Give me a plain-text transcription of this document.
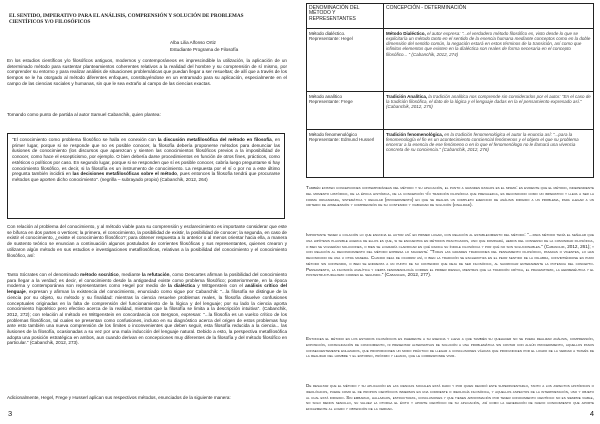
EL SENTIDO, IMPERATIVO PARA EL ANÁLISIS, COMPRENSIÓN Y SOLUCIÓN DE PROBLEMAS CIENTÍFICOS Y/O FILOSÓFICOS
Alba Lilia Alfonso Ortiz
Estudiante Programa de Filosofía

En los estudios científicos y/o filosóficos antiguos, modernos y contemporáneos es imprescindible la utilización, la aplicación de un determinado método para sustentar planteamientos coherentes relativos a la realidad del hombre y su comprensión de sí mismo, por comprender su entorno y para realizar análisis de situaciones problemáticas que puedan llegar a ser resueltas; de allí que a través de los tiempos se le ha otorgado al método diferentes enfoques, constituyéndose en un entramado para su aplicación, especialmente en el campo de las ciencias sociales y humanas, sin que le sea extraño al campo de las ciencias exactas.

Tomando como punto de partida al autor Samuel Cabanchik, quien plantea:

"El conocimiento como problema filosófico se halla en conexión con la discusión metafilosófica del método en filosofía, en primer lugar, porque si se responde que no es posible conocer, la filosofía debería proponerse métodos para denunciar las ilusiones de conocimiento (los discursos que aparezcan y sienten las conocimientos filosóficos previos a la imposibilidad de conocer, como hace el escepticismo, por ejemplo. O bien debería darse procedimientos en función de otros fines, prácticos, como estéticos o políticos por caso. En segundo lugar, porque si se responden que sí es posible conocer, cabría luego preguntarse si hay conocimiento filosófico, es decir, si la filosofía es un instrumento de conocimiento. La respuesta por el sí o por no a este último pregunta también incidirá en las decisiones metafilosóficas sobre el método, pues entonces la filosofía tendrá que procurarse métodos que aporten dicho conocimiento". (negrilla – subrayado propio) (Cabanchik, 2012, 264)

Con relación al problema del conocimiento, y al método viable para su comprensión y esclarecimiento es importante considerar que este se bifurca en dos partes o vertices; la primera, el conocimiento, la posibilidad de existir, la posibilidad de conocer; la segunda, en caso de existir el conocimiento, ¿existe el conocimiento filosófico?; para obtener respuesta a lo anterior o al menos orientar hacia ella, a manera de sustento teórico se enuncian a continuación algunos postulados de corrientes filosóficas y sus representantes, quienes crearon y utilizaron algún método en sus estudios e investigaciones metafilosóficas, relativas a la posibilidad del conocimiento y el conocimiento filosófico, así:

Tanto Sócrates con el denominado método socrático, mediante la refutación, como Descartes afirman la posibilidad del conocimiento para llegar a la verdad; es decir, el conocimiento desde la antigüedad existe como problema filosófico; posteriormente, en la época moderna y contemporánea son representantes como Hegel por medio de la dialéctica y Wittgenstein con el análisis crítico del lenguaje, expresan y afirman la existencia del conocimiento, enunciado como sigue por Cabanchik: "...la filosofía se distingue de la ciencia por su objeto, su método y su finalidad: mientras la ciencia resuelve problemas reales, la filosofía disuelve confusiones conceptuales originadas en la falta de comprensión del funcionamiento de la lógica y del lenguaje; por su lado la ciencia aporta conocimiento hipotético pero efectivo acerca de la realidad, mientras que la filosofía se limita a la descripción intuitiva". (Cabanchik, 2012, 272); con relación al método en Wittgenstein en concordancia con Bergson, expresan: "...la filosofía es un vuelco crítico de los problemas filosóficos, tal cuales se presentan como confusiones, incluso en su diagnóstico acerca del origen de estos problemas hay ante esto también una nueva comprensión de los límites o inconvenientes que deben seguir, esta filosofía reducida a la ciencia... las ilusiones de la filosofía, ocasionadas a su vez por una mala inducción del lenguaje natural. Debido a esto, la perspectiva metafilosófica adopta una posición estratégica en ambos, aun cuando derivan en concepciones muy diferentes de la filosofía y del método filosófico en particular." (Cabanchik, 2012, 273).

Adicionalmente, Hegel, Frege y Husserl aplican sus respectivos métodos, enunciados de la siguiente manera:

3
DENOMINACIÓN DEL MÉTODO Y REPRESENTANTES	CONCEPCIÓN - DETERMINACIÓN

Método dialéctico.
Representante: Hegel	Método Dialéctico, el autor expresa: "...el verdadero método filosófico es, visto desde lo que se explicitaría un método tanto en el sentido de la esencia humana mediante conceptos como en la doble dimensión del sentido común, la negación estará en estos términos de la transición, así como que infinitos elementos que existen en la dialéctica son reales de forma necesaria en el concepto filosófico... " (Cabanchik, 2012, 274)

Método analítico
Representante: Frege	Tradición Analítica, la tradición analítica nos comprende sin considerarlos por el autor: "En el caso de la tradición filosófica, el dato de la lógica y el lenguaje dadas en la el pensamiento expresado así." (Cabanchik, 2012, 275)

Método fenomenológico
Representante: Edmund Husserl	Tradición fenomenológica, en la tradición fenomenológica el autor la enuncia así: "...para la fenomenología el fin es un acontecimiento conciencial fenómenos y el objeto el que su problema encerrar a la esencia de ese fenómeno o en lo que el fenomenólogo no le llamará una vivencia concreta de su conciencia." (Cabanchik, 2012, 276)

También existen concepciones contemporáneas del método y su aplicación, el punto a grandes rasgos es el mismo: es evidente que el método, independiente del momento histórico, de la época histórica, de la concepción y/o tradición filosófica que prevalezca, es reconocido como un imperativo y lleva a ser la forma organizada, sistemática y regular (procedimiento) en que se realiza un completo ejercicio de análisis dirigido a un problema, para llegar a un criterio de aprehensión y comprensión de su contenido y viabilidad de solución (finalidad).

Importante tener a colación lo que enuncia el autor así: en primer lugar, con relación al establecimiento del método: "...para método tenía el señalar que una hipótesis plausible acerca de ellos es que, si se encuentra en métodos practicados, uno que dominará, hemos del consenso de la comunidad filosófica, o bien se volverían soluciones, o bien se lograría clarificar en qué radica su índole filosófica y por qué no son solucionables." (Cabanchik, 2012, 261); y con relación al reconocimiento del método expresa lo siguiente: "Todas las grandes tradiciones del pensamiento filosófico, pasadas o vigentes, lo han reconocido de una u otra manera. Cuando deja de ocurrir así, o bien la tradición se esclerotiza en el peor sentido de la palabra, convirtiéndose en puro método sin contenido, o bien se enfrenta a un punto de su contenido que deja de ser filosófico, al sacrificar enteramente la potencia del concepto. Pensamiento, la filosofía analítica y cierta fenomenología corren el primer riesgo, mientras que la tradición crítica, el pragmatismo, la hermenéutica y el postestructuralismo corren el segundo." (Cabanchik, 2012, 277).

Entonces el método en los estudios filosóficos es inherente a su esencia y lleva a que también su quehacer no se pueda realizar análisis, comprensión, exposición, consolidación de conocimiento, ni presentar alternativas de solución a una problemática sin contar con algún procedimiento, aquellos pasos consecuentemente enlazados, que proporcionen un modo práctico de llegar a conclusiones válidas que profundicen por el logro de la verdad a través de la realidad del hombre y el entorno, próximo y lejano, que le corresponde vivir.

De resaltar que el método y su aplicación en las ciencias sociales está dado y por quien decidió este superinventarlo, tanto a los aspectos históricos o ideológicos, puede como el de propios científicos inmersos en una corriente o ideología filosófica, y aquellos aspectos de la interpretación, uso y objeto al cual está dirigido. Sin embargo, hallazgos, estructuras, conclusiones y que tienen aproximación por tener conocimiento científico no es siempre viable, no solo menos sencillo, su valuez la otorga el éxito y aporte científico de su aplicación, así como la generación de nuevo conocimiento que aporte eficazmente al logro y obtención de la verdad.

4
